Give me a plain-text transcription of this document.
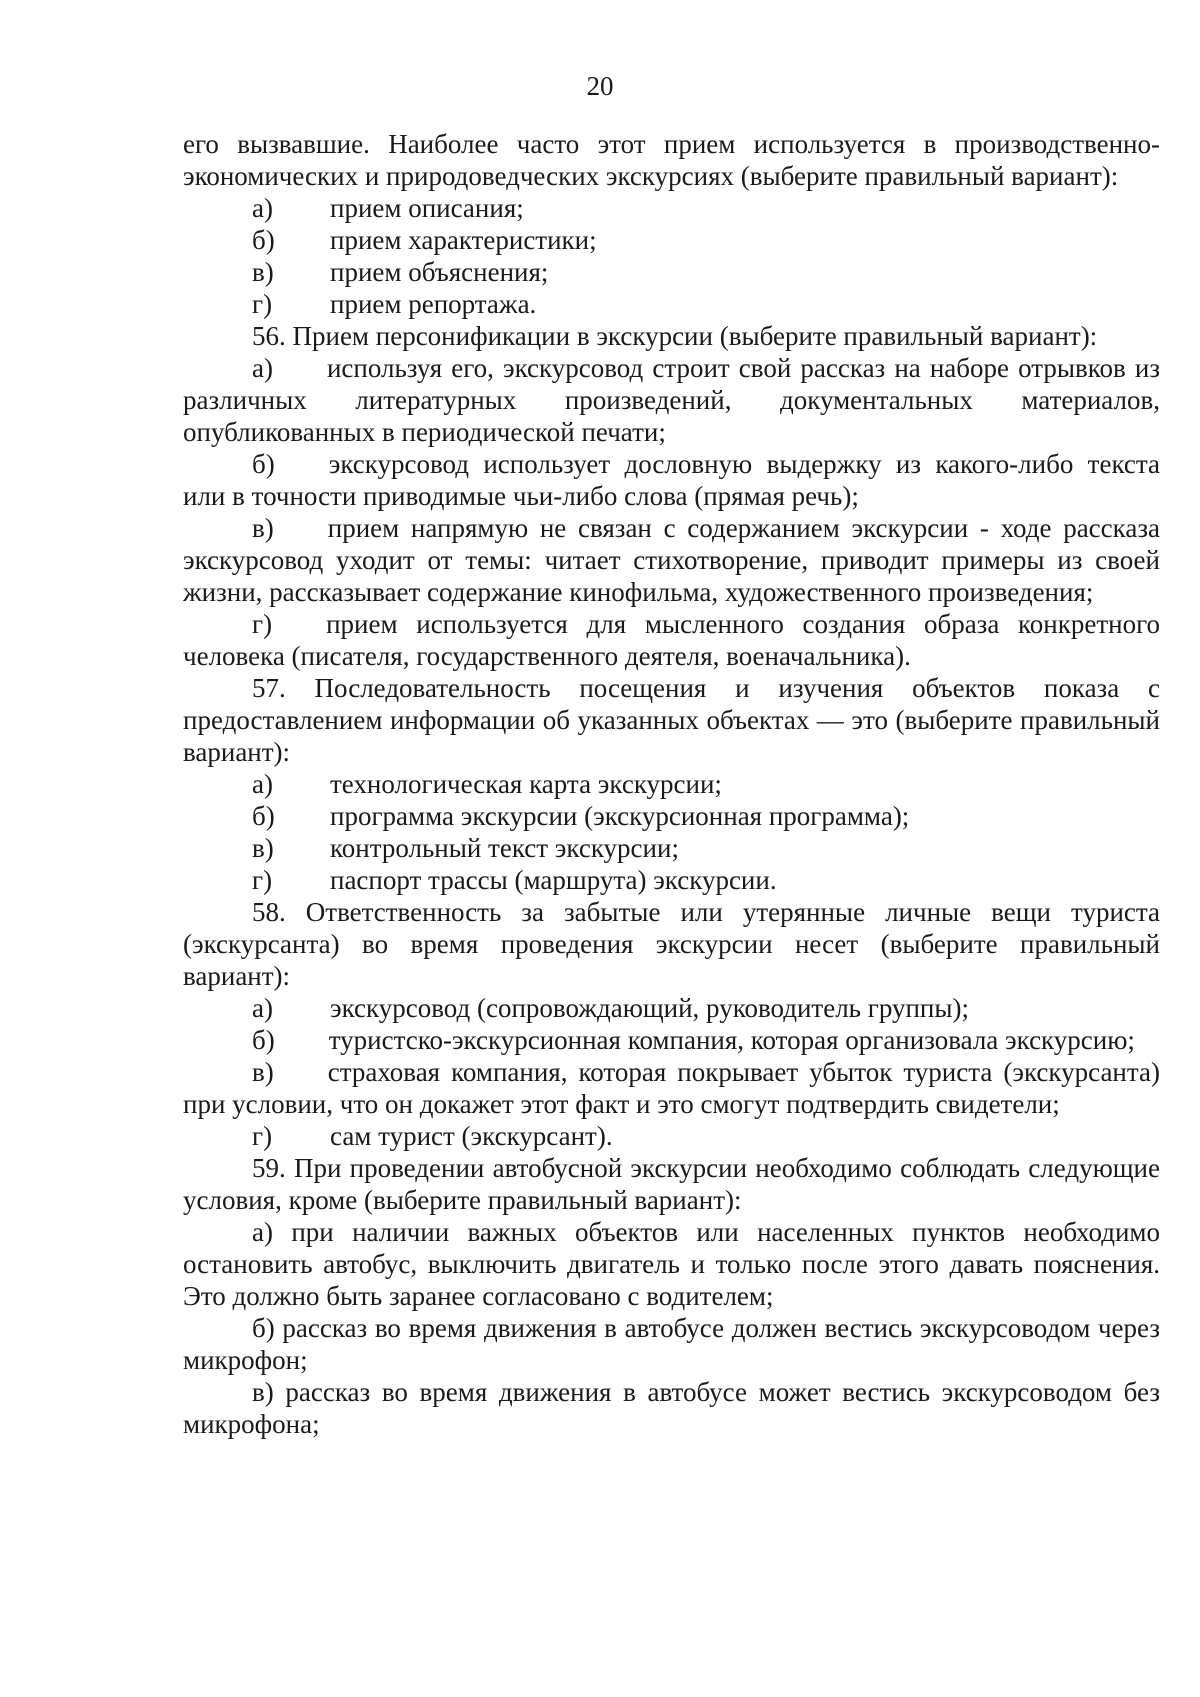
20

его вызвавшие. Наиболее часто этот прием используется в производственно-экономических и природоведческих экскурсиях (выберите правильный вариант):

а)	прием описания;
б)	прием характеристики;
в)	прием объяснения;
г)	прием репортажа.

56. Прием персонификации в экскурсии (выберите правильный вариант):

а)  используя его, экскурсовод строит свой рассказ на наборе отрывков из различных литературных произведений, документальных материалов, опубликованных в периодической печати;

б)  экскурсовод использует дословную выдержку из какого-либо текста или в точности приводимые чьи-либо слова (прямая речь);

в)  прием напрямую не связан с содержанием экскурсии - ходе рассказа экскурсовод уходит от темы: читает стихотворение, приводит примеры из своей жизни, рассказывает содержание кинофильма, художественного произведения;

г)  прием используется для мысленного создания образа конкретного человека (писателя, государственного деятеля, военачальника).

57. Последовательность посещения и изучения объектов показа с предоставлением информации об указанных объектах — это (выберите правильный вариант):

а)	технологическая карта экскурсии;
б)	программа экскурсии (экскурсионная программа);
в)	контрольный текст экскурсии;
г)	паспорт трассы (маршрута) экскурсии.

58. Ответственность за забытые или утерянные личные вещи туриста (экскурсанта) во время проведения экскурсии несет (выберите правильный вариант):

а)	экскурсовод (сопровождающий, руководитель группы);

б)  туристско-экскурсионная компания, которая организовала экскурсию;

в)  страховая компания, которая покрывает убыток туриста (экскурсанта) при условии, что он докажет этот факт и это смогут подтвердить свидетели;

г)	сам турист (экскурсант).

59. При проведении автобусной экскурсии необходимо соблюдать следующие условия, кроме (выберите правильный вариант):

а) при наличии важных объектов или населенных пунктов необходимо остановить автобус, выключить двигатель и только после этого давать пояснения. Это должно быть заранее согласовано с водителем;

б) рассказ во время движения в автобусе должен вестись экскурсоводом через микрофон;

в) рассказ во время движения в автобусе может вестись экскурсоводом без микрофона;
